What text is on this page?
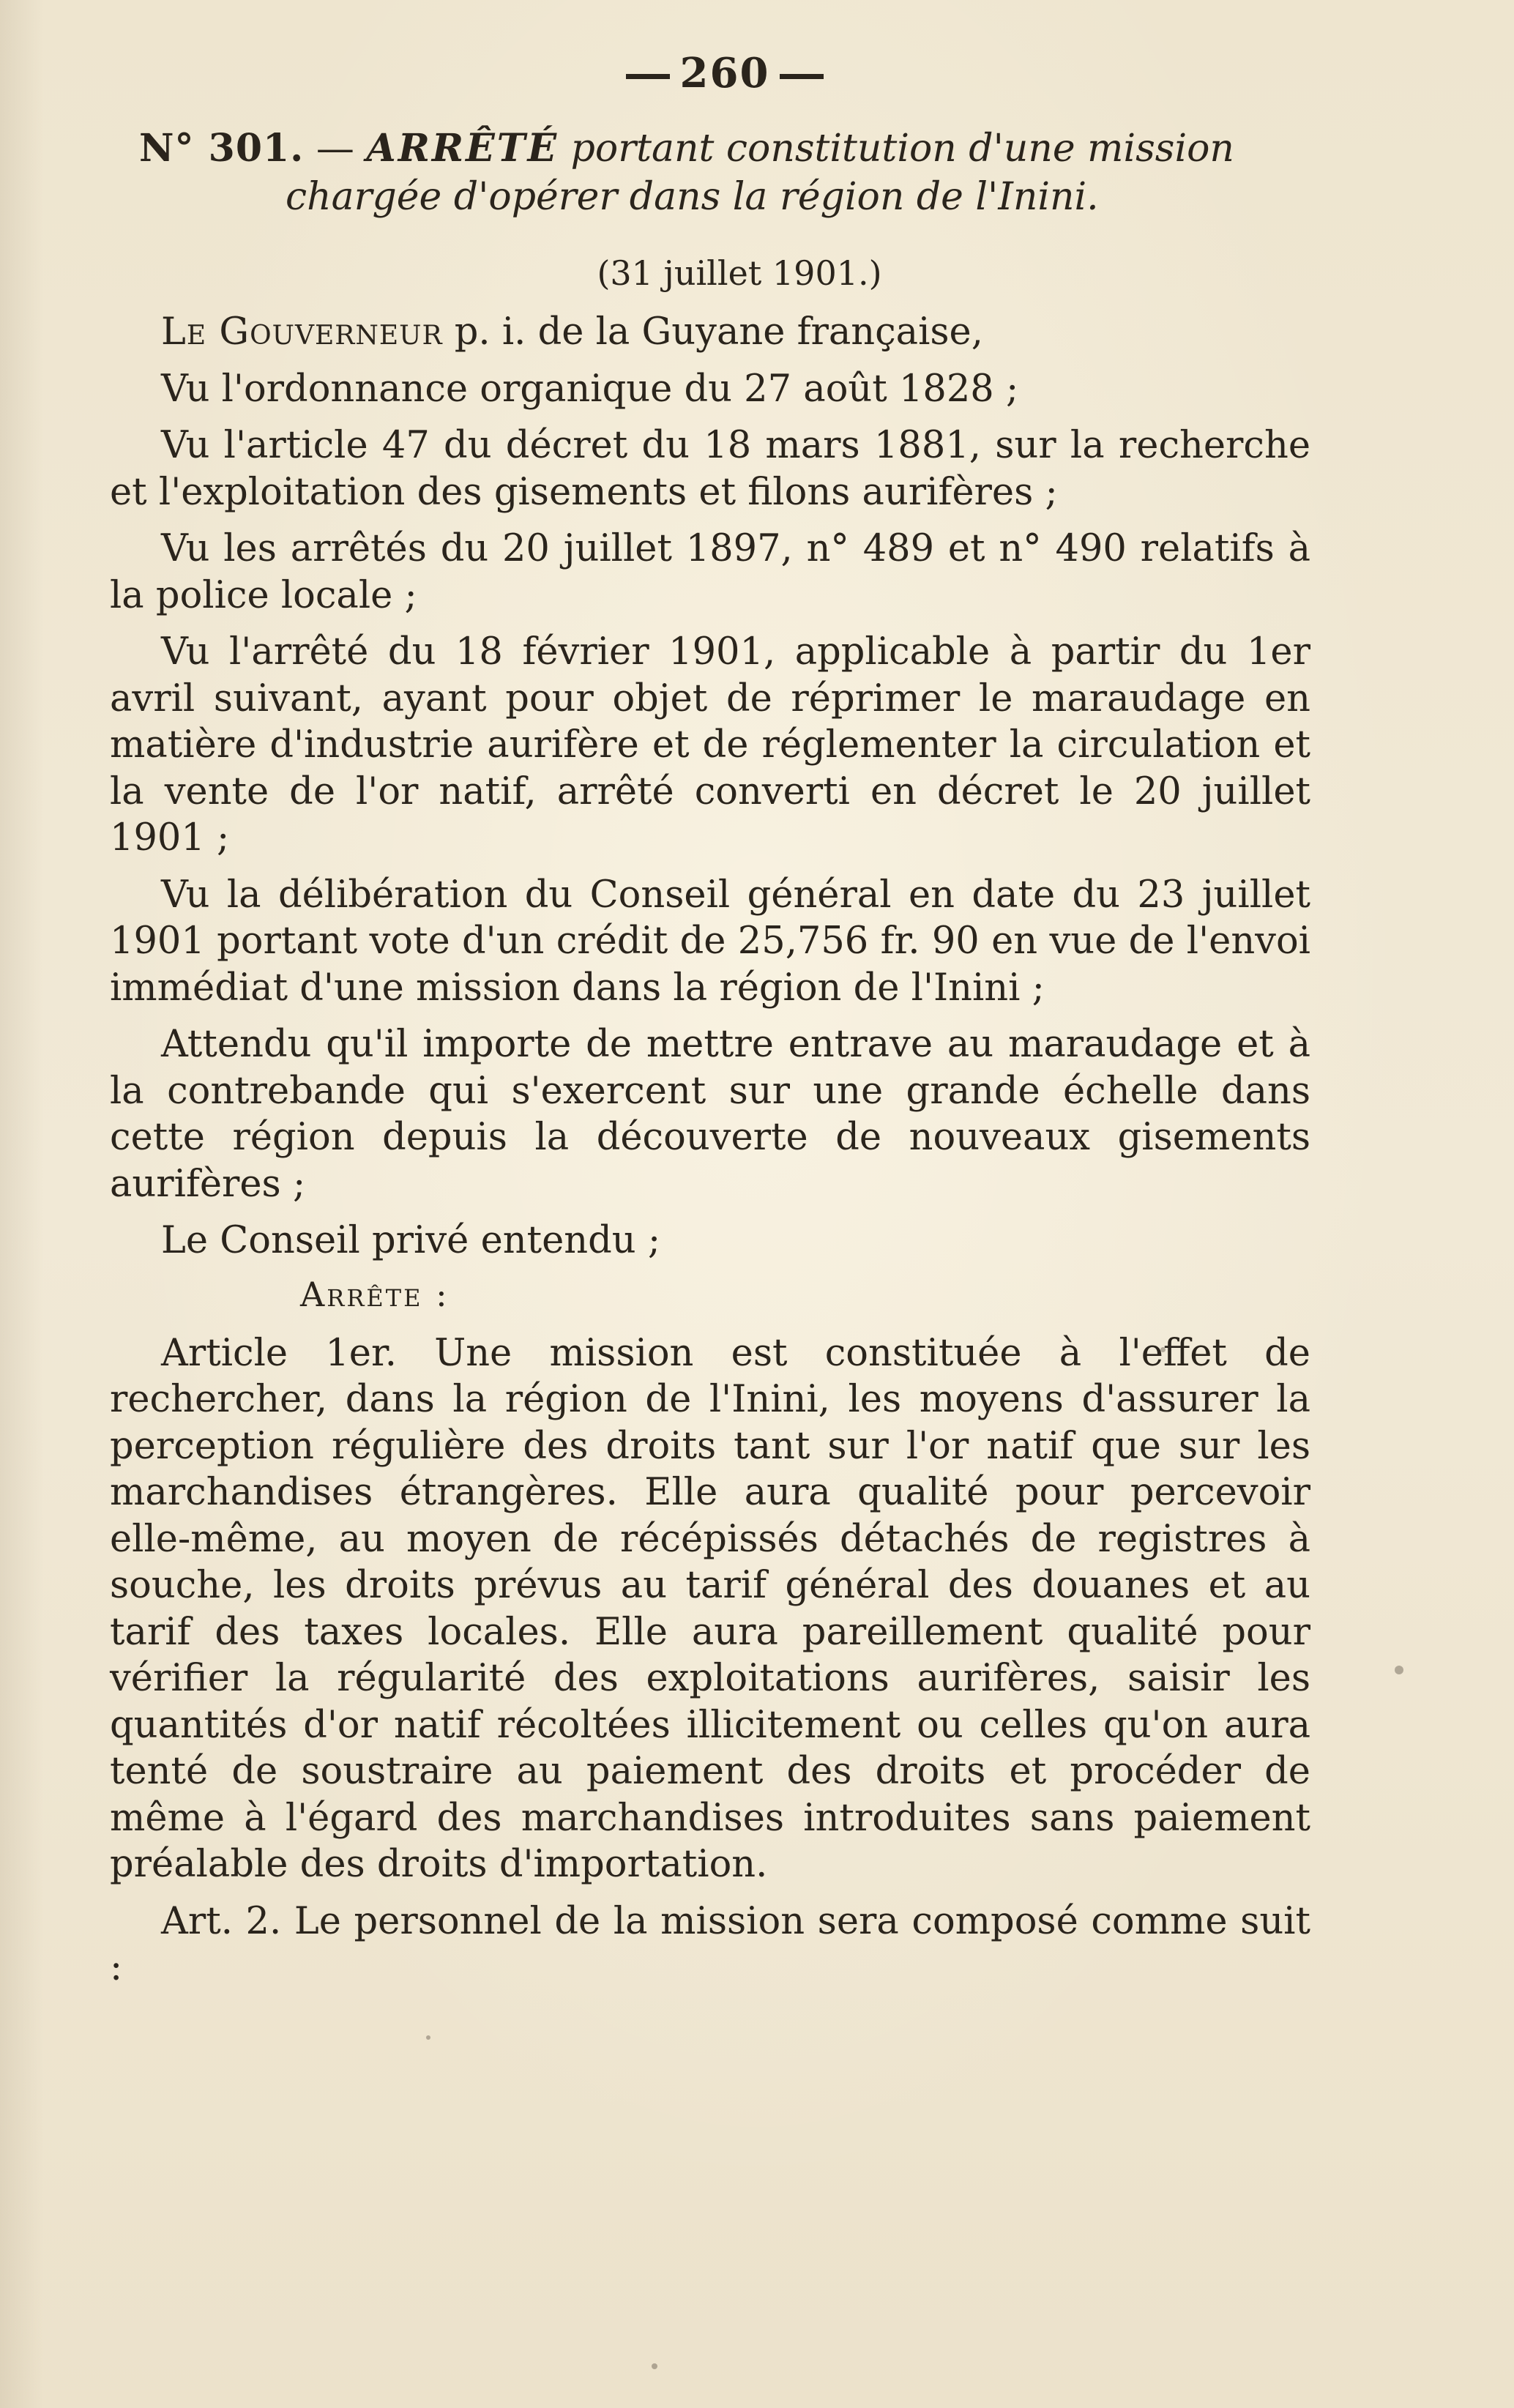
260
N° 301. — ARRÊTÉ portant constitution d'une mission
chargée d'opérer dans la région de l'Inini.
(31 juillet 1901.)

Le Gouverneur p. i. de la Guyane française,

Vu l'ordonnance organique du 27 août 1828 ;

Vu l'article 47 du décret du 18 mars 1881, sur la recherche et l'exploitation des gisements et filons aurifères ;

Vu les arrêtés du 20 juillet 1897, n° 489 et n° 490 relatifs à la police locale ;

Vu l'arrêté du 18 février 1901, applicable à partir du 1er avril suivant, ayant pour objet de réprimer le maraudage en matière d'industrie aurifère et de réglementer la circulation et la vente de l'or natif, arrêté converti en décret le 20 juillet 1901 ;

Vu la délibération du Conseil général en date du 23 juillet 1901 portant vote d'un crédit de 25,756 fr. 90 en vue de l'envoi immédiat d'une mission dans la région de l'Inini ;

Attendu qu'il importe de mettre entrave au maraudage et à la contrebande qui s'exercent sur une grande échelle dans cette région depuis la découverte de nouveaux gisements aurifères ;

Le Conseil privé entendu ;

Arrête :

Article 1er. Une mission est constituée à l'effet de rechercher, dans la région de l'Inini, les moyens d'assurer la perception régulière des droits tant sur l'or natif que sur les marchandises étrangères. Elle aura qualité pour percevoir elle-même, au moyen de récépissés détachés de registres à souche, les droits prévus au tarif général des douanes et au tarif des taxes locales. Elle aura pareillement qualité pour vérifier la régularité des exploitations aurifères, saisir les quantités d'or natif récoltées illicitement ou celles qu'on aura tenté de soustraire au paiement des droits et procéder de même à l'égard des marchandises introduites sans paiement préalable des droits d'importation.

Art. 2. Le personnel de la mission sera composé comme suit :
